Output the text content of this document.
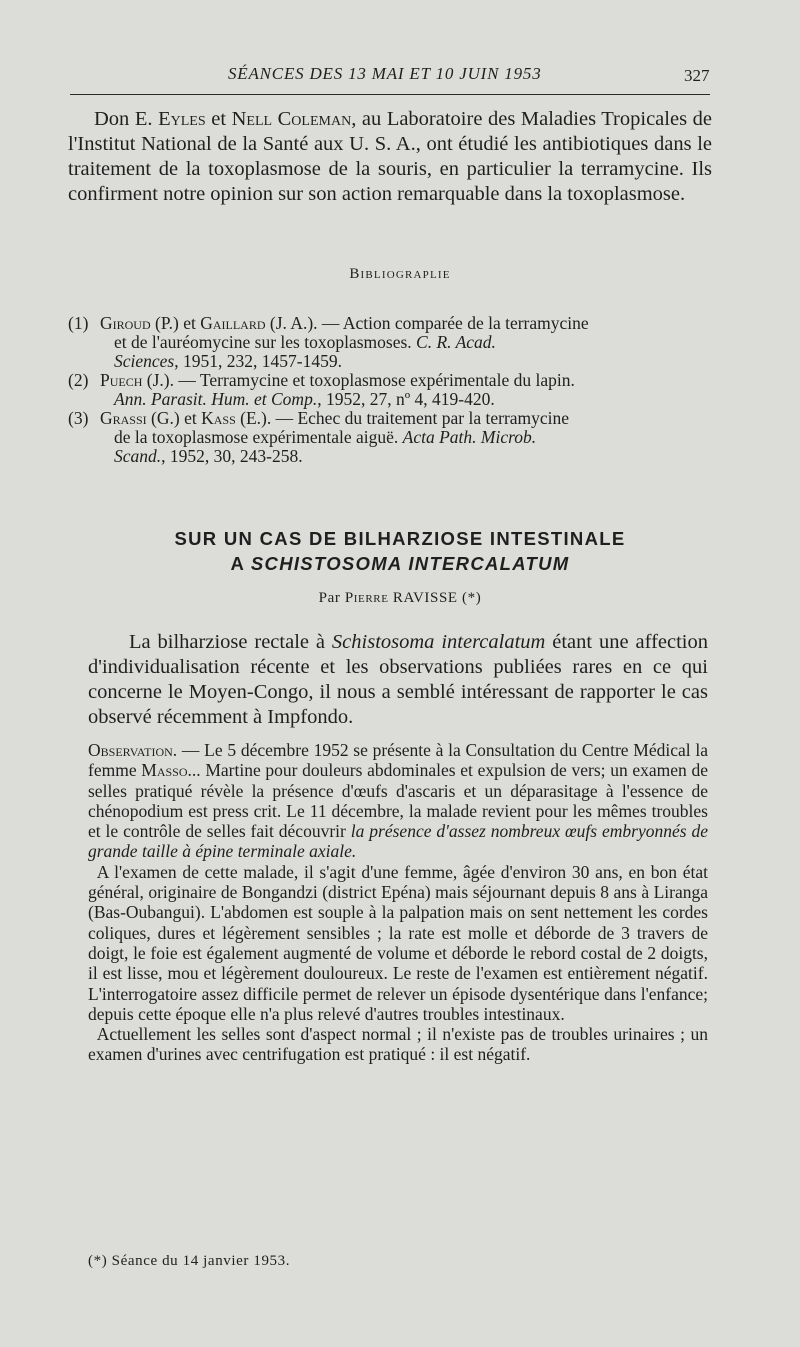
SÉANCES DES 13 MAI ET 10 JUIN 1953	327

Don E. Eyles et Nell Coleman, au Laboratoire des Maladies Tropicales de l'Institut National de la Santé aux U. S. A., ont étudié les antibiotiques dans le traitement de la toxoplasmose de la souris, en particulier la terramycine. Ils confirment notre opinion sur son action remarquable dans la toxoplasmose.

Bibliograplie
(1) Giroud (P.) et Gaillard (J. A.). — Action comparée de la terramycine
et de l'auréomycine sur les toxoplasmoses. C. R. Acad.
Sciences, 1951, 232, 1457-1459.
(2) Puech (J.). — Terramycine et toxoplasmose expérimentale du lapin.
Ann. Parasit. Hum. et Comp., 1952, 27, nº 4, 419-420.
(3) Grassi (G.) et Kass (E.). — Echec du traitement par la terramycine
de la toxoplasmose expérimentale aiguë. Acta Path. Microb.
Scand., 1952, 30, 243-258.
SUR UN CAS DE BILHARZIOSE INTESTINALE
A SCHISTOSOMA INTERCALATUM
Par Pierre RAVISSE (*)

  La bilharziose rectale à Schistosoma intercalatum étant une affection d'individualisation récente et les observations publiées rares en ce qui concerne le Moyen-Congo, il nous a semblé intéressant de rapporter le cas observé récemment à Impfondo.

Observation. — Le 5 décembre 1952 se présente à la Consultation du Centre Médical la femme Masso... Martine pour douleurs abdominales et expulsion de vers; un examen de selles pratiqué révèle la présence d'œufs d'ascaris et un déparasitage à l'essence de chénopodium est press crit. Le 11 décembre, la malade revient pour les mêmes troubles et le contrôle de selles fait découvrir la présence d'assez nombreux œufs embryonnés de grande taille à épine terminale axiale.

 A l'examen de cette malade, il s'agit d'une femme, âgée d'environ 30 ans, en bon état général, originaire de Bongandzi (district Epéna) mais séjournant depuis 8 ans à Liranga (Bas-Oubangui). L'abdomen est souple à la palpation mais on sent nettement les cordes coliques, dures et légèrement sensibles ; la rate est molle et déborde de 3 travers de doigt, le foie est également augmenté de volume et déborde le rebord costal de 2 doigts, il est lisse, mou et légèrement douloureux. Le reste de l'examen est entièrement négatif. L'interrogatoire assez difficile permet de relever un épisode dysentérique dans l'enfance; depuis cette époque elle n'a plus relevé d'autres troubles intestinaux.

 Actuellement les selles sont d'aspect normal ; il n'existe pas de troubles urinaires ; un examen d'urines avec centrifugation est pratiqué : il est négatif.

(*) Séance du 14 janvier 1953.
